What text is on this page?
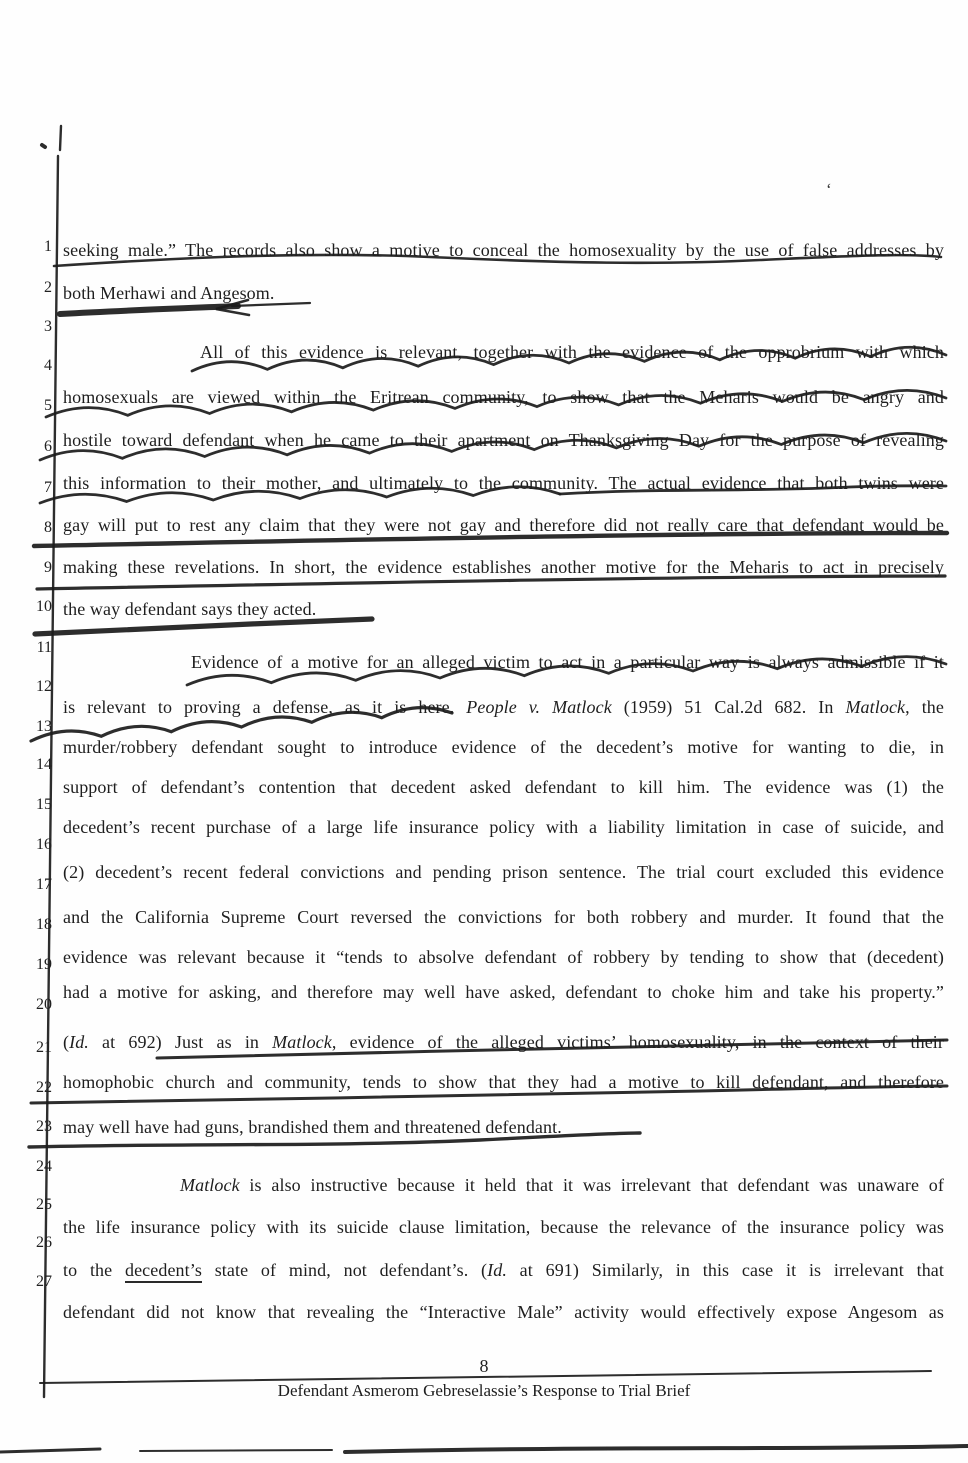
1
2
3
4
5
6
7
8
9
10
11
12
13
14
15
16
17
18
19
20
21
22
23
24
25
26
27
seeking male.” The records also show a motive to conceal the homosexuality by the use of false addresses by
both Merhawi and Angesom.
All of this evidence is relevant, together with the evidence of the opprobrium with which
homosexuals are viewed within the Eritrean community, to show that the Meharis would be angry and
hostile toward defendant when he came to their apartment on Thanksgiving Day for the purpose of revealing
this information to their mother, and ultimately to the community. The actual evidence that both twins were
gay will put to rest any claim that they were not gay and therefore did not really care that defendant would be
making these revelations. In short, the evidence establishes another motive for the Meharis to act in precisely
the way defendant says they acted.
Evidence of a motive for an alleged victim to act in a particular way is always admissible if it
is relevant to proving a defense, as it is here. People v. Matlock (1959) 51 Cal.2d 682. In Matlock, the
murder/robbery defendant sought to introduce evidence of the decedent’s motive for wanting to die, in
support of defendant’s contention that decedent asked defendant to kill him. The evidence was (1) the
decedent’s recent purchase of a large life insurance policy with a liability limitation in case of suicide, and
(2) decedent’s recent federal convictions and pending prison sentence. The trial court excluded this evidence
and the California Supreme Court reversed the convictions for both robbery and murder. It found that the
evidence was relevant because it “tends to absolve defendant of robbery by tending to show that (decedent)
had a motive for asking, and therefore may well have asked, defendant to choke him and take his property.”
(Id. at 692) Just as in Matlock, evidence of the alleged victims’ homosexuality, in the context of their
homophobic church and community, tends to show that they had a motive to kill defendant, and therefore
may well have had guns, brandished them and threatened defendant.
Matlock is also instructive because it held that it was irrelevant that defendant was unaware of
the life insurance policy with its suicide clause limitation, because the relevance of the insurance policy was
to the decedent’s state of mind, not defendant’s. (Id. at 691) Similarly, in this case it is irrelevant that
defendant did not know that revealing the “Interactive Male” activity would effectively expose Angesom as
‘
8
Defendant Asmerom Gebreselassie’s Response to Trial Brief
